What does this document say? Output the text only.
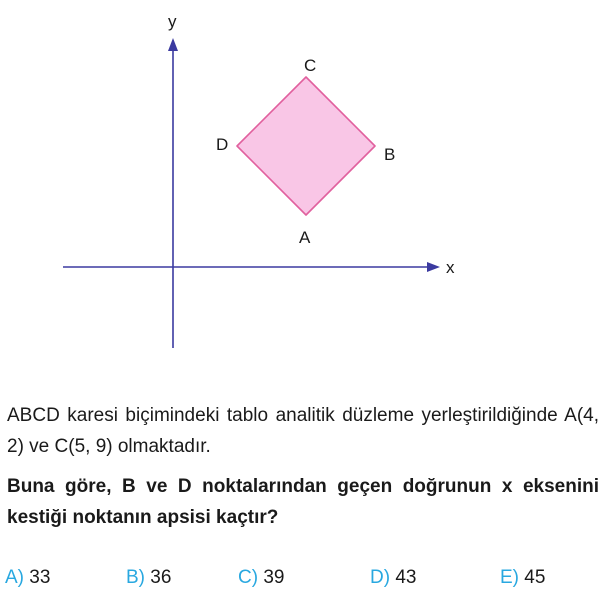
y
x
C
D
B
A

ABCD karesi biçimindeki tablo analitik düzleme yerleştirildiğinde A(4, 2) ve C(5, 9) olmaktadır.

Buna göre, B ve D noktalarından geçen doğrunun x eksenini kestiği noktanın apsisi kaçtır?

A) 33	B) 36	C) 39	D) 43	E) 45
